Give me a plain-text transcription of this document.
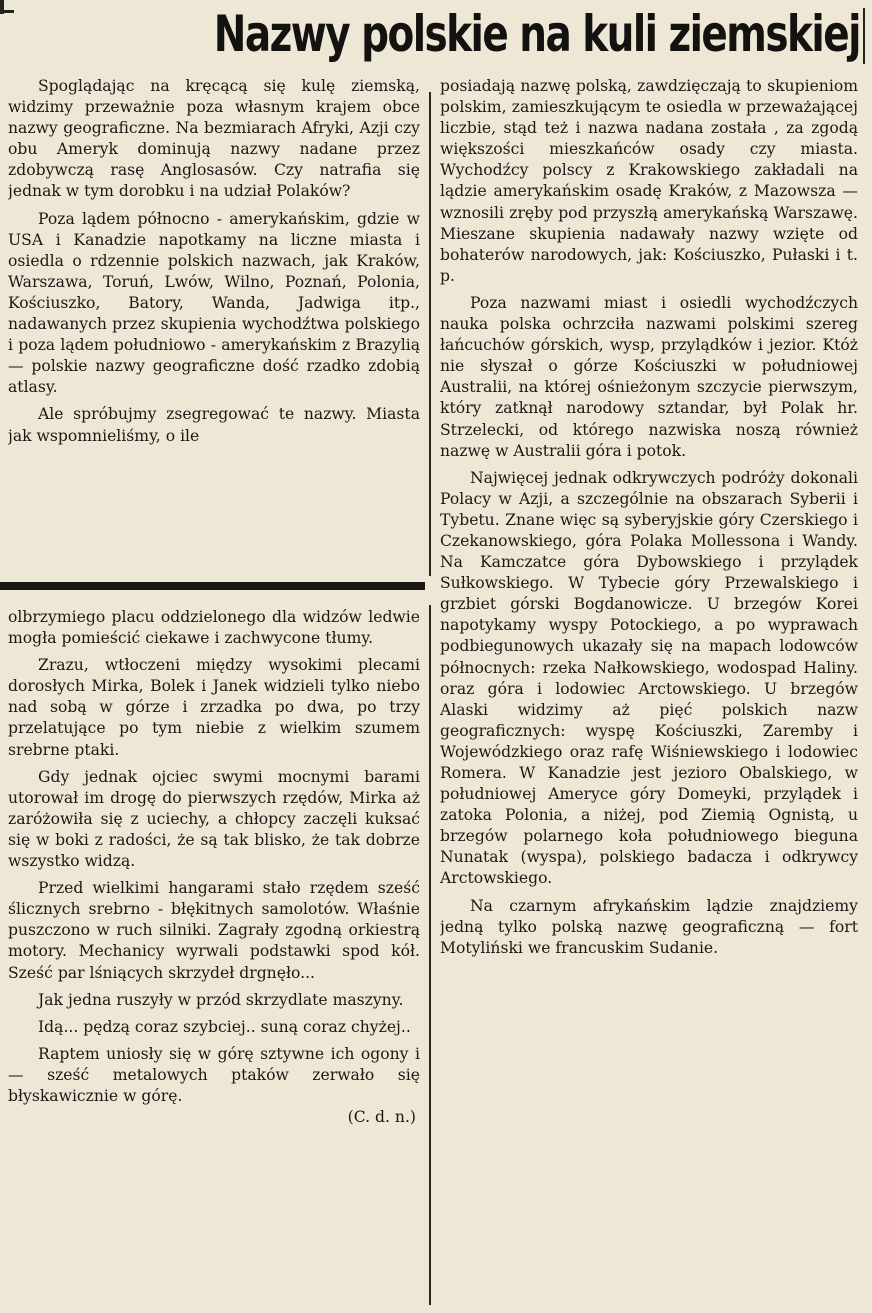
Nazwy polskie na kuli ziemskiej

Spoglądając na kręcącą się kulę ziemską, widzimy przeważnie poza własnym krajem obce nazwy geograficzne. Na bezmiarach Afryki, Azji czy obu Ameryk dominują nazwy nadane przez zdobywczą rasę Anglosasów. Czy natrafia się jednak w tym dorobku i na udział Polaków?

Poza lądem północno - amerykańskim, gdzie w USA i Kanadzie napotkamy na liczne miasta i osiedla o rdzennie polskich nazwach, jak Kraków, Warszawa, Toruń, Lwów, Wilno, Poznań, Polonia, Kościuszko, Batory, Wanda, Jadwiga itp., nadawanych przez skupienia wychodźtwa polskiego i poza lądem południowo - amerykańskim z Brazylią — polskie nazwy geograficzne dość rzadko zdobią atlasy.

Ale spróbujmy zsegregować te nazwy. Miasta jak wspomnieliśmy, o ile

posiadają nazwę polską, zawdzięczają to skupieniom polskim, zamieszkującym te osiedla w przeważającej liczbie, stąd też i nazwa nadana została , za zgodą większości mieszkańców osady czy miasta. Wychodźcy polscy z Krakowskiego zakładali na lądzie amerykańskim osadę Kraków, z Mazowsza — wznosili zręby pod przyszłą amerykańską Warszawę. Mieszane skupienia nadawały nazwy wzięte od bohaterów narodowych, jak: Kościuszko, Pułaski i t. p.

Poza nazwami miast i osiedli wychodźczych nauka polska ochrzciła nazwami polskimi szereg łańcuchów górskich, wysp, przylądków i jezior. Któż nie słyszał o górze Kościuszki w południowej Australii, na której ośnieżonym szczycie pierwszym, który zatknął narodowy sztandar, był Polak hr. Strzelecki, od którego nazwiska noszą również nazwę w Australii góra i potok.

Najwięcej jednak odkrywczych podróży dokonali Polacy w Azji, a szczególnie na obszarach Syberii i Tybetu. Znane więc są syberyjskie góry Czerskiego i Czekanowskiego, góra Polaka Mollessona i Wandy. Na Kamczatce góra Dybowskiego i przylądek Sułkowskiego. W Tybecie góry Przewalskiego i grzbiet górski Bogdanowicze. U brzegów Korei napotykamy wyspy Potockiego, a po wyprawach podbiegunowych ukazały się na mapach lodowców północnych: rzeka Nałkowskiego, wodospad Haliny. oraz góra i lodowiec Arctowskiego. U brzegów Alaski widzimy aż pięć polskich nazw geograficznych: wyspę Kościuszki, Zaremby i Wojewódzkiego oraz rafę Wiśniewskiego i lodowiec Romera. W Kanadzie jest jezioro Obalskiego, w południowej Ameryce góry Domeyki, przylądek i zatoka Polonia, a niżej, pod Ziemią Ognistą, u brzegów polarnego koła południowego bieguna Nunatak (wyspa), polskiego badacza i odkrywcy Arctowskiego.

Na czarnym afrykańskim lądzie znajdziemy jedną tylko polską nazwę geograficzną — fort Motyliński we francuskim Sudanie.

olbrzymiego placu oddzielonego dla widzów ledwie mogła pomieścić ciekawe i zachwycone tłumy.

Zrazu, wtłoczeni między wysokimi plecami dorosłych Mirka, Bolek i Janek widzieli tylko niebo nad sobą w górze i zrzadka po dwa, po trzy przelatujące po tym niebie z wielkim szumem srebrne ptaki.

Gdy jednak ojciec swymi mocnymi barami utorował im drogę do pierwszych rzędów, Mirka aż zaróżowiła się z uciechy, a chłopcy zaczęli kuksać się w boki z radości, że są tak blisko, że tak dobrze wszystko widzą.

Przed wielkimi hangarami stało rzędem sześć ślicznych srebrno - błękitnych samolotów. Właśnie puszczono w ruch silniki. Zagrały zgodną orkiestrą motory. Mechanicy wyrwali podstawki spod kół. Sześć par lśniących skrzydeł drgnęło...

Jak jedna ruszyły w przód skrzydlate maszyny.

Idą... pędzą coraz szybciej.. suną coraz chyżej..

Raptem uniosły się w górę sztywne ich ogony i — sześć metalowych ptaków zerwało się błyskawicznie w górę.

(C. d. n.)
